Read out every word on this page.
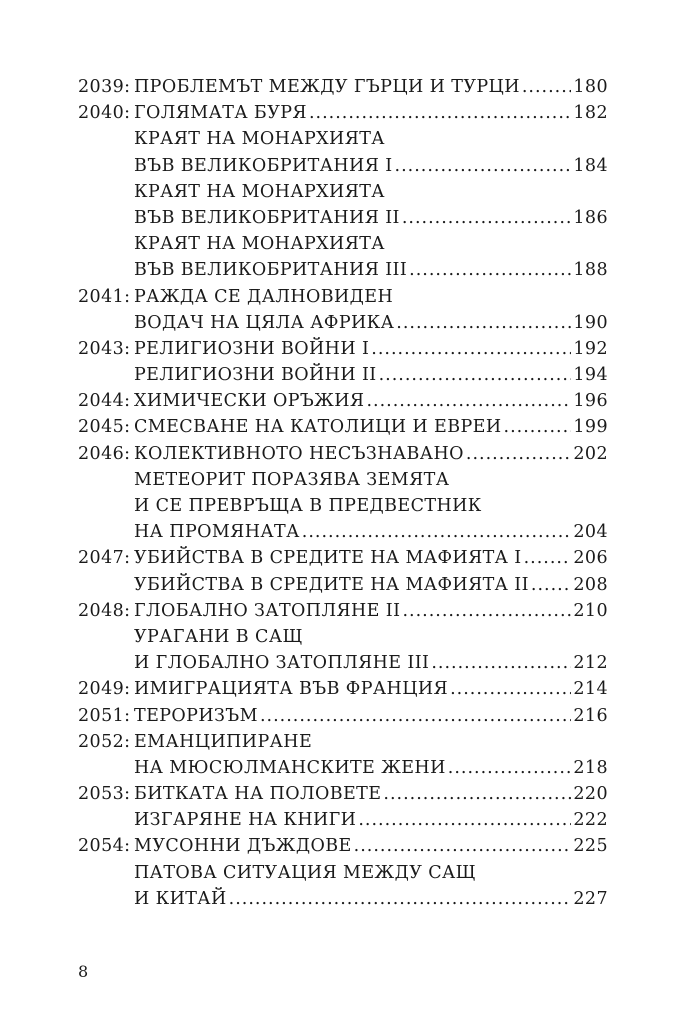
2039: ПРОБЛЕМЪТ МЕЖДУ ГЪРЦИ И ТУРЦИ .....	180
2040: ГОЛЯМАТА БУРЯ .....	182
КРАЯТ НА МОНАРХИЯТА
ВЪВ ВЕЛИКОБРИТАНИЯ I .....	184
КРАЯТ НА МОНАРХИЯТА
ВЪВ ВЕЛИКОБРИТАНИЯ II .....	186
КРАЯТ НА МОНАРХИЯТА
ВЪВ ВЕЛИКОБРИТАНИЯ III .....	188
2041: РАЖДА СЕ ДАЛНОВИДЕН
ВОДАЧ НА ЦЯЛА АФРИКА .....	190
2043: РЕЛИГИОЗНИ ВОЙНИ I .....	192
РЕЛИГИОЗНИ ВОЙНИ II .....	194
2044: ХИМИЧЕСКИ ОРЪЖИЯ .....	196
2045: СМЕСВАНЕ НА КАТОЛИЦИ И ЕВРЕИ .....	199
2046: КОЛЕКТИВНОТО НЕСЪЗНАВАНО .....	202
МЕТЕОРИТ ПОРАЗЯВА ЗЕМЯТА
И СЕ ПРЕВРЪЩА В ПРЕДВЕСТНИК
НА ПРОМЯНАТА .....	204
2047: УБИЙСТВА В СРЕДИТЕ НА МАФИЯТА I .....	206
УБИЙСТВА В СРЕДИТЕ НА МАФИЯТА II .....	208
2048: ГЛОБАЛНО ЗАТОПЛЯНЕ II .....	210
УРАГАНИ В САЩ
И ГЛОБАЛНО ЗАТОПЛЯНЕ III .....	212
2049: ИМИГРАЦИЯТА ВЪВ ФРАНЦИЯ .....	214
2051: ТЕРОРИЗЪМ .....	216
2052: ЕМАНЦИПИРАНЕ
НА МЮСЮЛМАНСКИТЕ ЖЕНИ .....	218
2053: БИТКАТА НА ПОЛОВЕТЕ .....	220
ИЗГАРЯНЕ НА КНИГИ .....	222
2054: МУСОННИ ДЪЖДОВЕ .....	225
ПАТОВА СИТУАЦИЯ МЕЖДУ САЩ
И КИТАЙ .....	227
8
